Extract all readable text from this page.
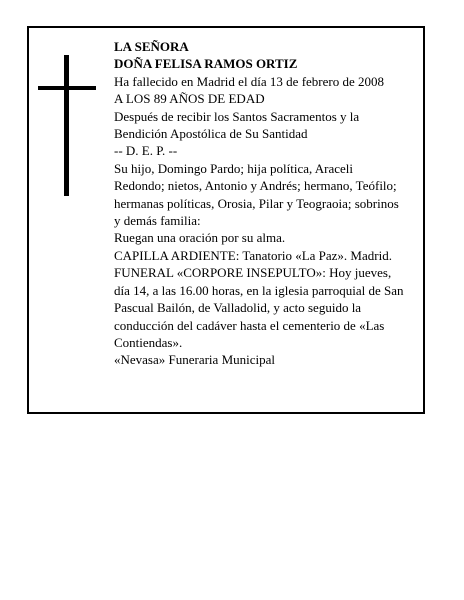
LA SEÑORA

DOÑA FELISA RAMOS ORTIZ

Ha fallecido en Madrid el día 13 de febrero de 2008

A LOS 89 AÑOS DE EDAD

Después de recibir los Santos Sacramentos y la Bendición Apostólica de Su Santidad

-- D. E. P. --

Su hijo, Domingo Pardo; hija política, Araceli Redondo; nietos, Antonio y Andrés; hermano, Teófilo; hermanas políticas, Orosia, Pilar y Teograoia; sobrinos y demás familia:

Ruegan una oración por su alma.

CAPILLA ARDIENTE: Tanatorio «La Paz». Madrid.

FUNERAL «CORPORE INSEPULTO»: Hoy jueves, día 14, a las 16.00 horas, en la iglesia parroquial de San Pascual Bailón, de Valladolid, y acto seguido la conducción del cadáver hasta el cementerio de «Las Contiendas».

«Nevasa» Funeraria Municipal
